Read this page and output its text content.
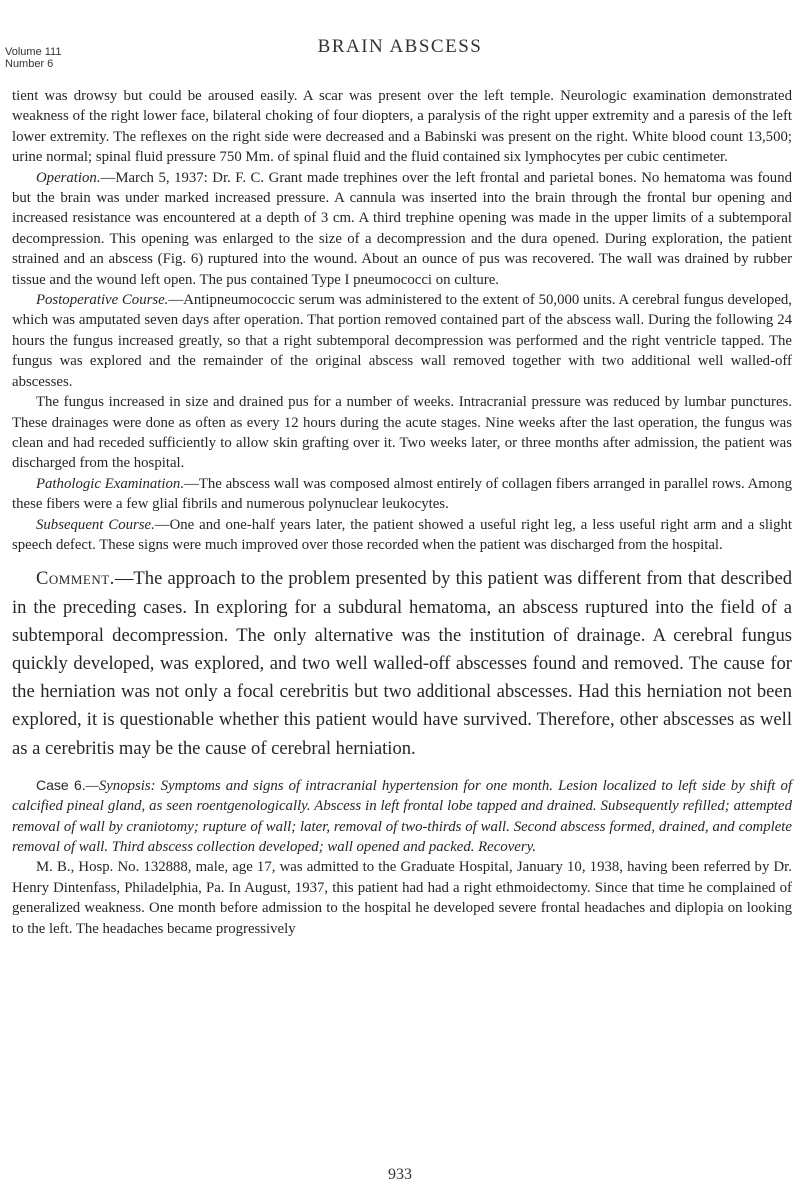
Volume 111
Number 6
BRAIN ABSCESS

tient was drowsy but could be aroused easily. A scar was present over the left temple. Neurologic examination demonstrated weakness of the right lower face, bilateral choking of four diopters, a paralysis of the right upper extremity and a paresis of the left lower extremity. The reflexes on the right side were decreased and a Babinski was present on the right. White blood count 13,500; urine normal; spinal fluid pressure 750 Mm. of spinal fluid and the fluid contained six lymphocytes per cubic centimeter.

Operation.—March 5, 1937: Dr. F. C. Grant made trephines over the left frontal and parietal bones. No hematoma was found but the brain was under marked increased pressure. A cannula was inserted into the brain through the frontal bur opening and increased resistance was encountered at a depth of 3 cm. A third trephine opening was made in the upper limits of a subtemporal decompression. This opening was enlarged to the size of a decompression and the dura opened. During exploration, the patient strained and an abscess (Fig. 6) ruptured into the wound. About an ounce of pus was recovered. The wall was drained by rubber tissue and the wound left open. The pus contained Type I pneumococci on culture.

Postoperative Course.—Antipneumococcic serum was administered to the extent of 50,000 units. A cerebral fungus developed, which was amputated seven days after operation. That portion removed contained part of the abscess wall. During the following 24 hours the fungus increased greatly, so that a right subtemporal decompression was performed and the right ventricle tapped. The fungus was explored and the remainder of the original abscess wall removed together with two additional well walled-off abscesses.

The fungus increased in size and drained pus for a number of weeks. Intracranial pressure was reduced by lumbar punctures. These drainages were done as often as every 12 hours during the acute stages. Nine weeks after the last operation, the fungus was clean and had receded sufficiently to allow skin grafting over it. Two weeks later, or three months after admission, the patient was discharged from the hospital.

Pathologic Examination.—The abscess wall was composed almost entirely of collagen fibers arranged in parallel rows. Among these fibers were a few glial fibrils and numerous polynuclear leukocytes.

Subsequent Course.—One and one-half years later, the patient showed a useful right leg, a less useful right arm and a slight speech defect. These signs were much improved over those recorded when the patient was discharged from the hospital.

Comment.—The approach to the problem presented by this patient was different from that described in the preceding cases. In exploring for a subdural hematoma, an abscess ruptured into the field of a subtemporal decompression. The only alternative was the institution of drainage. A cerebral fungus quickly developed, was explored, and two well walled-off abscesses found and removed. The cause for the herniation was not only a focal cerebritis but two additional abscesses. Had this herniation not been explored, it is questionable whether this patient would have survived. Therefore, other abscesses as well as a cerebritis may be the cause of cerebral herniation.

Case 6.—Synopsis: Symptoms and signs of intracranial hypertension for one month. Lesion localized to left side by shift of calcified pineal gland, as seen roentgenologically. Abscess in left frontal lobe tapped and drained. Subsequently refilled; attempted removal of wall by craniotomy; rupture of wall; later, removal of two-thirds of wall. Second abscess formed, drained, and complete removal of wall. Third abscess collection developed; wall opened and packed. Recovery.

M. B., Hosp. No. 132888, male, age 17, was admitted to the Graduate Hospital, January 10, 1938, having been referred by Dr. Henry Dintenfass, Philadelphia, Pa. In August, 1937, this patient had had a right ethmoidectomy. Since that time he complained of generalized weakness. One month before admission to the hospital he developed severe frontal headaches and diplopia on looking to the left. The headaches became progressively

933
